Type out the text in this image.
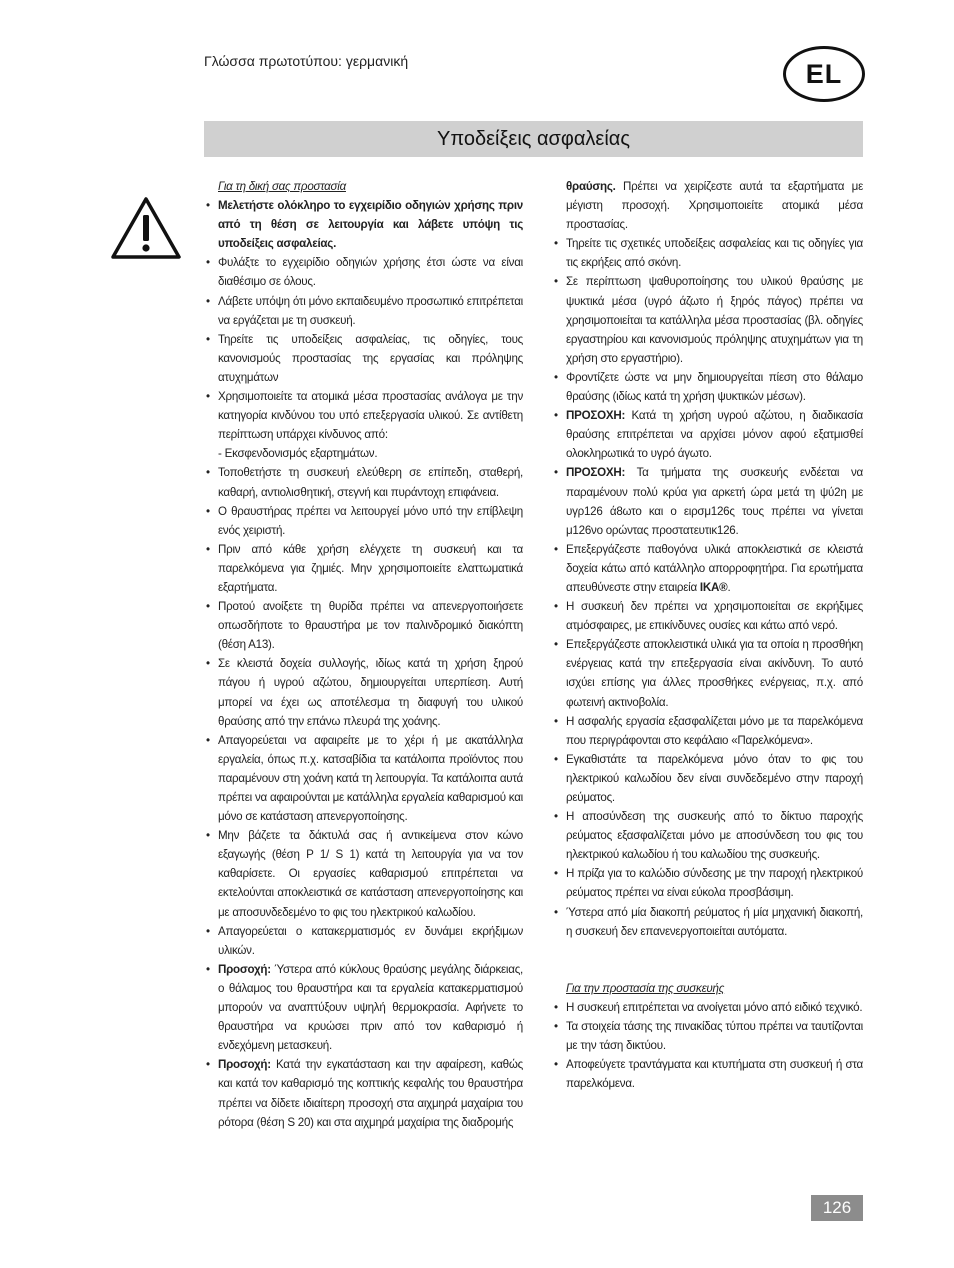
Γλώσσα πρωτοτύπου: γερμανική	EL
Υποδείξεις ασφαλείας
Για τη δική σας προστασία
• Μελετήστε ολόκληρο το εγχειρίδιο οδηγιών χρήσης πριν από τη θέση σε λειτουργία και λάβετε υπόψη τις υποδείξεις ασφαλείας.
• Φυλάξτε το εγχειρίδιο οδηγιών χρήσης έτσι ώστε να είναι διαθέσιμο σε όλους.
• Λάβετε υπόψη ότι μόνο εκπαιδευμένο προσωπικό επιτρέπεται να εργάζεται με τη συσκευή.
• Τηρείτε τις υποδείξεις ασφαλείας, τις οδηγίες, τους κανονισμούς προστασίας της εργασίας και πρόληψης ατυχημάτων
• Χρησιμοποιείτε τα ατομικά μέσα προστασίας ανάλογα με την κατηγορία κινδύνου του υπό επεξεργασία υλικού. Σε αντίθετη περίπτωση υπάρχει κίνδυνος από:
- Εκσφενδονισμός εξαρτημάτων.
• Τοποθετήστε τη συσκευή ελεύθερη σε επίπεδη, σταθερή, καθαρή, αντιολισθητική, στεγνή και πυράντοχη επιφάνεια.
• Ο θραυστήρας πρέπει να λειτουργεί μόνο υπό την επίβλεψη ενός χειριστή.
• Πριν από κάθε χρήση ελέγχετε τη συσκευή και τα παρελκόμενα για ζημιές. Μην χρησιμοποιείτε ελαττωματικά εξαρτήματα.
• Προτού ανοίξετε τη θυρίδα πρέπει να απενεργοποιήσετε οπωσδήποτε το θραυστήρα με τον παλινδρομικό διακόπτη (θέση Α13).
• Σε κλειστά δοχεία συλλογής, ιδίως κατά τη χρήση ξηρού πάγου ή υγρού αζώτου, δημιουργείται υπερπίεση. Αυτή μπορεί να έχει ως αποτέλεσμα τη διαφυγή του υλικού θραύσης από την επάνω πλευρά της χοάνης.
• Απαγορεύεται να αφαιρείτε με το χέρι ή με ακατάλληλα εργαλεία, όπως π.χ. κατσαβίδια τα κατάλοιπα προϊόντος που παραμένουν στη χοάνη κατά τη λειτουργία. Τα κατάλοιπα αυτά πρέπει να αφαιρούνται με κατάλληλα εργαλεία καθαρισμού και μόνο σε κατάσταση απενεργοποίησης.
• Μην βάζετε τα δάκτυλά σας ή αντικείμενα στον κώνο εξαγωγής (θέση P 1/ S 1) κατά τη λειτουργία για να τον καθαρίσετε. Οι εργασίες καθαρισμού επιτρέπεται να εκτελούνται αποκλειστικά σε κατάσταση απενεργοποίησης και με αποσυνδεδεμένο το φις του ηλεκτρικού καλωδίου.
• Απαγορεύεται ο κατακερματισμός εν δυνάμει εκρήξιμων υλικών.
• Προσοχή: Ύστερα από κύκλους θραύσης μεγάλης διάρκειας, ο θάλαμος του θραυστήρα και τα εργαλεία κατακερματισμού μπορούν να αναπτύξουν υψηλή θερμοκρασία. Αφήνετε το θραυστήρα να κρυώσει πριν από τον καθαρισμό ή ενδεχόμενη μετασκευή.
• Προσοχή: Κατά την εγκατάσταση και την αφαίρεση, καθώς και κατά τον καθαρισμό της κοπτικής κεφαλής του θραυστήρα πρέπει να δίδετε ιδιαίτερη προσοχή στα αιχμηρά μαχαίρια του ρότορα (θέση S 20) και στα αιχμηρά μαχαίρια της διαδρομής
θραύσης. Πρέπει να χειρίζεστε αυτά τα εξαρτήματα με μέγιστη προσοχή. Χρησιμοποιείτε ατομικά μέσα προστασίας.
• Τηρείτε τις σχετικές υποδείξεις ασφαλείας και τις οδηγίες για τις εκρήξεις από σκόνη.
• Σε περίπτωση ψαθυροποίησης του υλικού θραύσης με ψυκτικά μέσα (υγρό άζωτο ή ξηρός πάγος) πρέπει να χρησιμοποιείται τα κατάλληλα μέσα προστασίας (βλ. οδηγίες εργαστηρίου και κανονισμούς πρόληψης ατυχημάτων για τη χρήση στο εργαστήριο).
• Φροντίζετε ώστε να μην δημιουργείται πίεση στο θάλαμο θραύσης (ιδίως κατά τη χρήση ψυκτικών μέσων).
• ΠΡΟΣΟΧΗ: Κατά τη χρήση υγρού αζώτου, η διαδικασία θραύσης επιτρέπεται να αρχίσει μόνον αφού εξατμισθεί ολοκληρωτικά το υγρό άγωτο.
• ΠΡΟΣΟΧΗ: Τα τμήματα της συσκευής ενδέεται να παραμένουν πολύ κρύα για αρκετή ώρα μετά τη ψύ2η με υγρ126 ά8ωτο και ο ειρσμ126ς τους πρέπει να γίνεται μ126νο ορώντας προστατευτικ126.
• Επεξεργάζεστε παθογόνα υλικά αποκλειστικά σε κλειστά δοχεία κάτω από κατάλληλο απορροφητήρα. Για ερωτήματα απευθύνεστε στην εταιρεία IKA®.
• Η συσκευή δεν πρέπει να χρησιμοποιείται σε εκρήξιμες ατμόσφαιρες, με επικίνδυνες ουσίες και κάτω από νερό.
• Επεξεργάζεστε αποκλειστικά υλικά για τα οποία η προσθήκη ενέργειας κατά την επεξεργασία είναι ακίνδυνη. Το αυτό ισχύει επίσης για άλλες προσθήκες ενέργειας, π.χ. από φωτεινή ακτινοβολία.
• Η ασφαλής εργασία εξασφαλίζεται μόνο με τα παρελκόμενα που περιγράφονται στο κεφάλαιο «Παρελκόμενα».
• Εγκαθιστάτε τα παρελκόμενα μόνο όταν το φις του ηλεκτρικού καλωδίου δεν είναι συνδεδεμένο στην παροχή ρεύματος.
• Η αποσύνδεση της συσκευής από το δίκτυο παροχής ρεύματος εξασφαλίζεται μόνο με αποσύνδεση του φις του ηλεκτρικού καλωδίου ή του καλωδίου της συσκευής.
• Η πρίζα για το καλώδιο σύνδεσης με την παροχή ηλεκτρικού ρεύματος πρέπει να είναι εύκολα προσβάσιμη.
• Ύστερα από μία διακοπή ρεύματος ή μία μηχανική διακοπή, η συσκευή δεν επανενεργοποιείται αυτόματα.
Για την προστασία της συσκευής
• Η συσκευή επιτρέπεται να ανοίγεται μόνο από ειδικό τεχνικό.
• Τα στοιχεία τάσης της πινακίδας τύπου πρέπει να ταυτίζονται με την τάση δικτύου.
• Αποφεύγετε τραντάγματα και κτυπήματα στη συσκευή ή στα παρελκόμενα.
126
